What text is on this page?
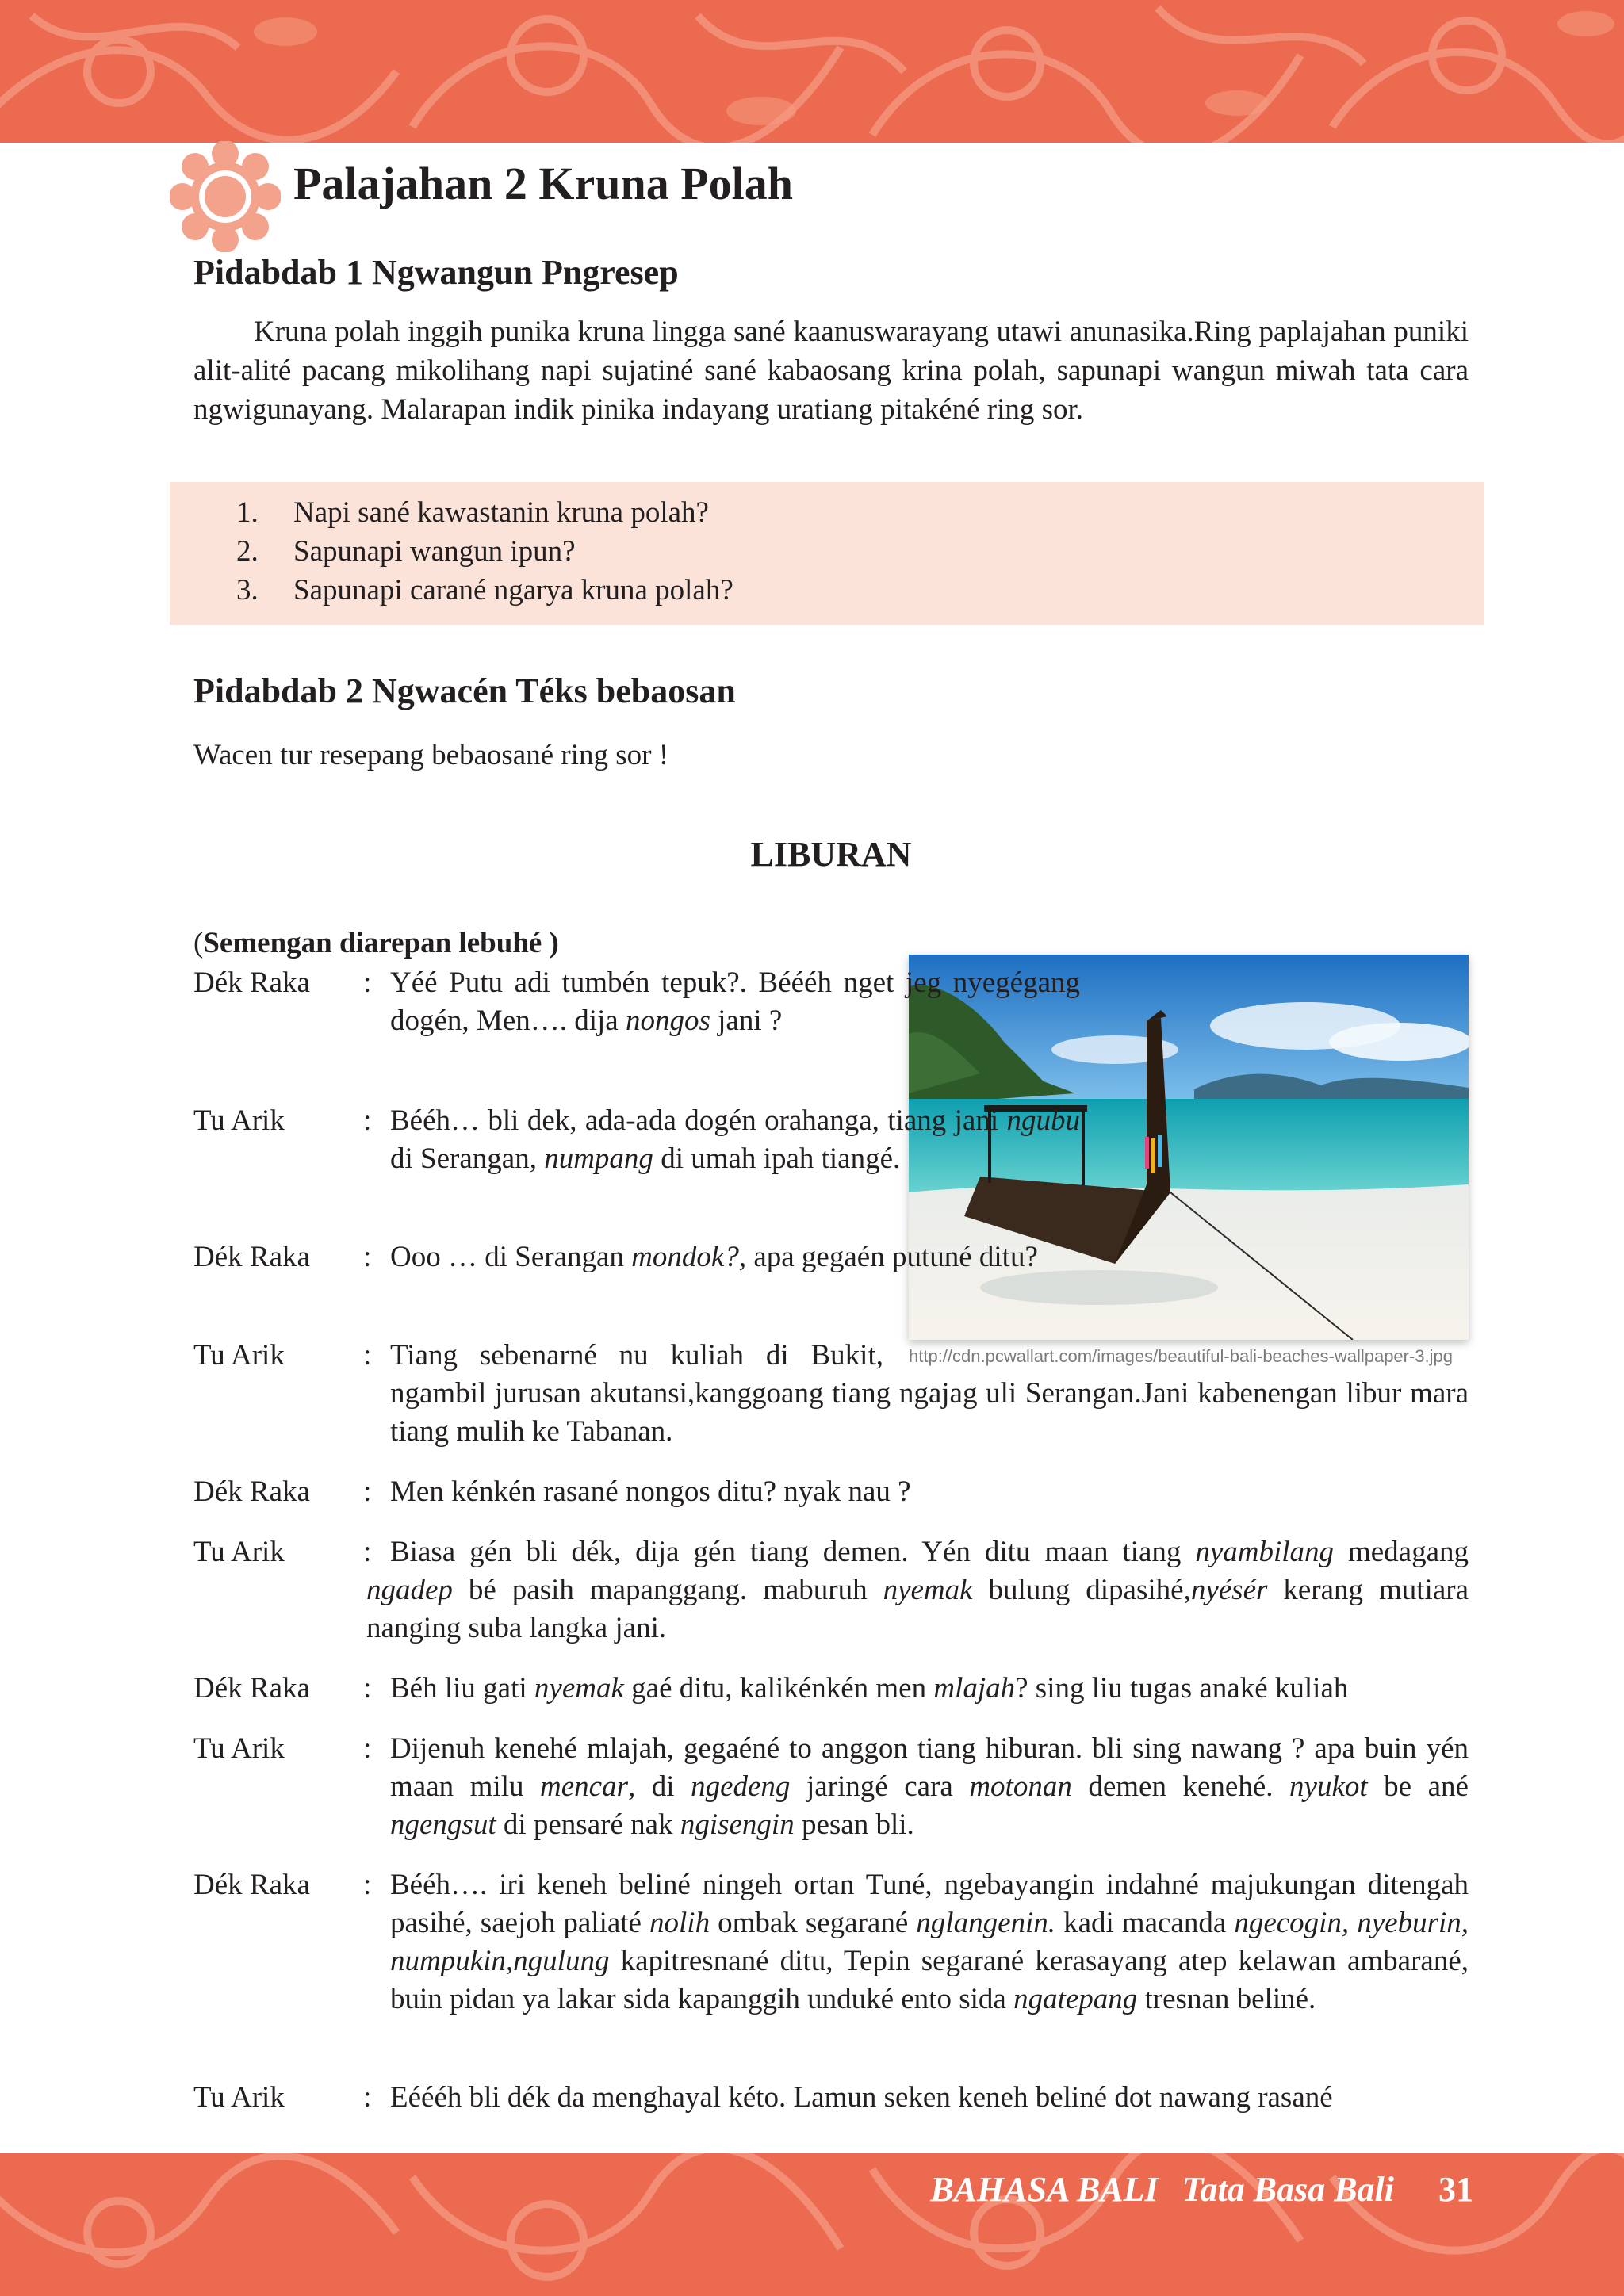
Palajahan 2 Kruna Polah
Pidabdab 1 Ngwangun Pngresep

Kruna polah inggih punika kruna lingga sané kaanuswarayang utawi anunasika.Ring paplajahan puniki alit-alité pacang mikolihang napi sujatiné sané kabaosang krina polah, sapunapi wangun miwah tata cara ngwigunayang. Malarapan indik pinika indayang uratiang pitakéné ring sor.

1. Napi sané kawastanin kruna polah?
2. Sapunapi wangun ipun?
3. Sapunapi carané ngarya kruna polah?
Pidabdab 2 Ngwacén Téks bebaosan

Wacen tur resepang bebaosané ring sor !

LIBURAN
(Semengan diarepan lebuhé )
http://cdn.pcwallart.com/images/beautiful-bali-beaches-wallpaper-3.jpg
Dék Raka : Yéé Putu adi tumbén tepuk?. Béééh nget jeg nyegégang dogén, Men…. dija nongos jani ?
Tu Arik	: Bééh… bli dek, ada-ada dogén orahanga, tiang jani ngubu di Serangan, numpang di umah ipah tiangé.
Dék Raka : Ooo … di Serangan mondok?, apa gegaén putuné ditu?
Tu Arik	: Tiang sebenarné nu kuliah di Bukit,
ngambil jurusan akutansi,kanggoang tiang ngajag uli Serangan.Jani kabenengan libur mara tiang mulih ke Tabanan.
Dék Raka : Men kénkén rasané nongos ditu? nyak nau ?
Tu Arik	: Biasa gén bli dék, dija gén tiang demen. Yén ditu maan tiang nyambilang medagang ngadep bé pasih mapanggang. maburuh nyemak bulung dipasihé,nyésér kerang mutiara nanging suba langka jani.
Dék Raka : Béh liu gati nyemak gaé ditu, kalikénkén men mlajah? sing liu tugas anaké kuliah
Tu Arik	: Dijenuh kenehé mlajah, gegaéné to anggon tiang hiburan. bli sing nawang ? apa buin yén maan milu mencar, di ngedeng jaringé cara motonan demen kenehé. nyukot be ané ngengsut di pensaré nak ngisengin pesan bli.
Dék Raka : Bééh…. iri keneh beliné ningeh ortan Tuné, ngebayangin indahné majukungan ditengah pasihé, saejoh paliaté nolih ombak segarané nglangenin. kadi macanda ngecogin, nyeburin, numpukin,ngulung kapitresnané ditu, Tepin segarané kerasayang atep kelawan ambarané, buin pidan ya lakar sida kapanggih unduké ento sida ngatepang tresnan beliné.
Tu Arik	: Eéééh bli dék da menghayal kéto. Lamun seken keneh beliné dot nawang rasané
BAHASA BALI Tata Basa Bali 31
